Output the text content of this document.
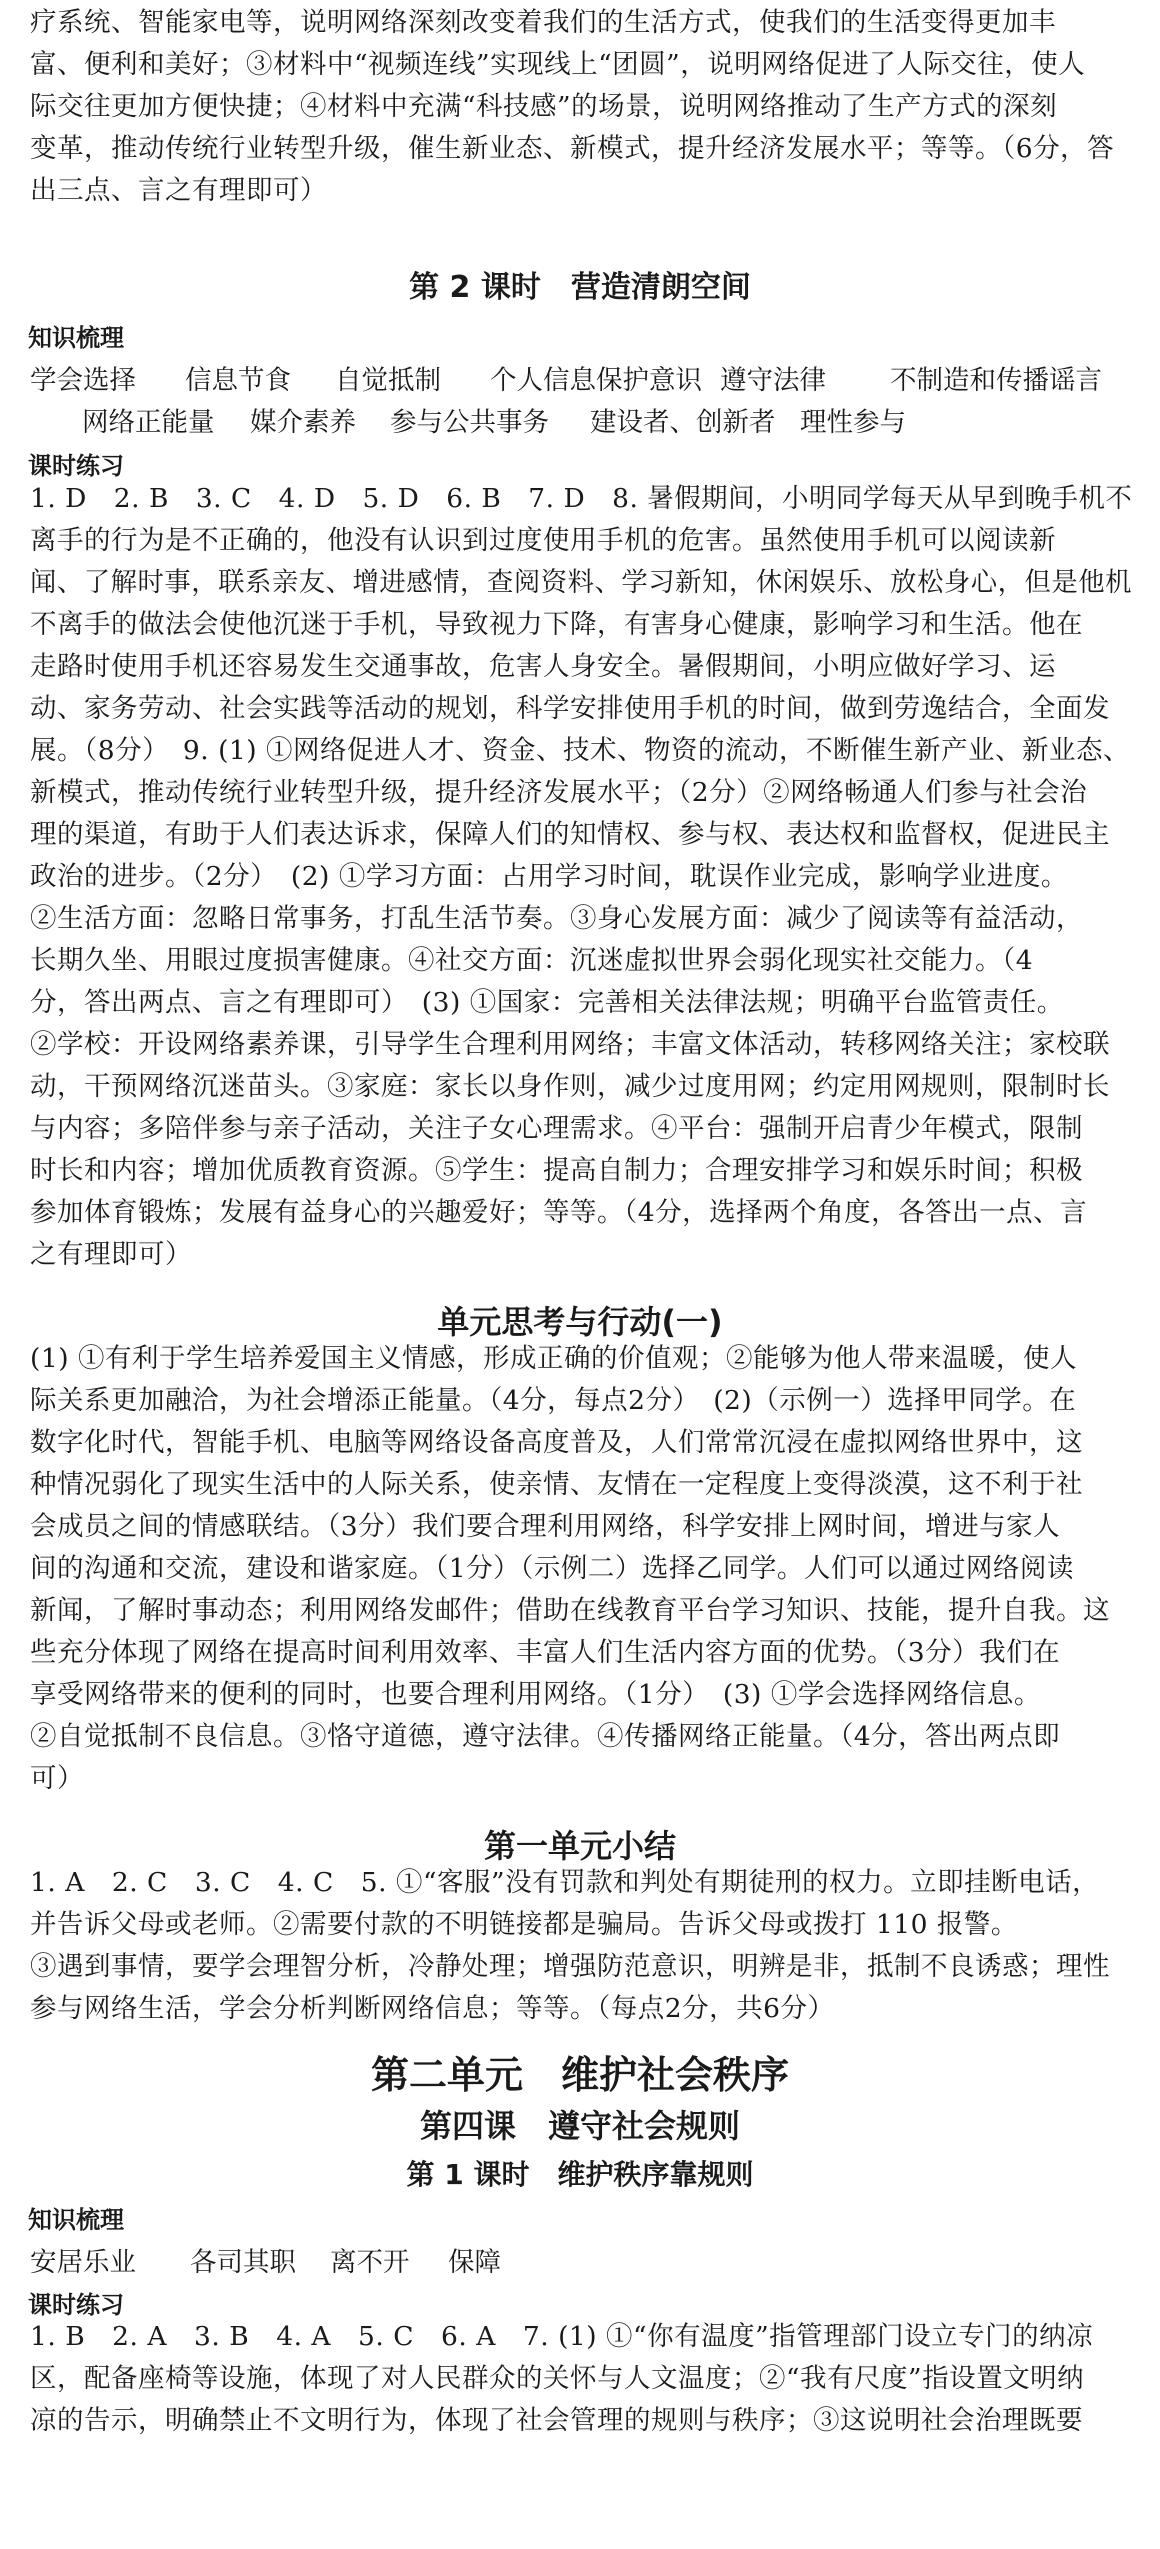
疗系统、智能家电等，说明网络深刻改变着我们的生活方式，使我们的生活变得更加丰
富、便利和美好；③材料中“视频连线”实现线上“团圆”，说明网络促进了人际交往，使人
际交往更加方便快捷；④材料中充满“科技感”的场景，说明网络推动了生产方式的深刻
变革，推动传统行业转型升级，催生新业态、新模式，提升经济发展水平；等等。（6分，答
出三点、言之有理即可）
第 2 课时　营造清朗空间
知识梳理
学会选择 信息节食 自觉抵制 个人信息保护意识 遵守法律 不制造和传播谣言
网络正能量 媒介素养 参与公共事务 建设者、创新者 理性参与
课时练习
1. D　2. B　3. C　4. D　5. D　6. B　7. D　8. 暑假期间，小明同学每天从早到晚手机不
离手的行为是不正确的，他没有认识到过度使用手机的危害。虽然使用手机可以阅读新
闻、了解时事，联系亲友、增进感情，查阅资料、学习新知，休闲娱乐、放松身心，但是他机
不离手的做法会使他沉迷于手机，导致视力下降，有害身心健康，影响学习和生活。他在
走路时使用手机还容易发生交通事故，危害人身安全。暑假期间，小明应做好学习、运
动、家务劳动、社会实践等活动的规划，科学安排使用手机的时间，做到劳逸结合，全面发
展。（8分）　9. (1) ①网络促进人才、资金、技术、物资的流动，不断催生新产业、新业态、
新模式，推动传统行业转型升级，提升经济发展水平；（2分）②网络畅通人们参与社会治
理的渠道，有助于人们表达诉求，保障人们的知情权、参与权、表达权和监督权，促进民主
政治的进步。（2分）　(2) ①学习方面：占用学习时间，耽误作业完成，影响学业进度。
②生活方面：忽略日常事务，打乱生活节奏。③身心发展方面：减少了阅读等有益活动，
长期久坐、用眼过度损害健康。④社交方面：沉迷虚拟世界会弱化现实社交能力。（4
分，答出两点、言之有理即可）　(3) ①国家：完善相关法律法规；明确平台监管责任。
②学校：开设网络素养课，引导学生合理利用网络；丰富文体活动，转移网络关注；家校联
动，干预网络沉迷苗头。③家庭：家长以身作则，减少过度用网；约定用网规则，限制时长
与内容；多陪伴参与亲子活动，关注子女心理需求。④平台：强制开启青少年模式，限制
时长和内容；增加优质教育资源。⑤学生：提高自制力；合理安排学习和娱乐时间；积极
参加体育锻炼；发展有益身心的兴趣爱好；等等。（4分，选择两个角度，各答出一点、言
之有理即可）
单元思考与行动(一)
(1) ①有利于学生培养爱国主义情感，形成正确的价值观；②能够为他人带来温暖，使人
际关系更加融洽，为社会增添正能量。（4分，每点2分）　(2)（示例一）选择甲同学。在
数字化时代，智能手机、电脑等网络设备高度普及，人们常常沉浸在虚拟网络世界中，这
种情况弱化了现实生活中的人际关系，使亲情、友情在一定程度上变得淡漠，这不利于社
会成员之间的情感联结。（3分）我们要合理利用网络，科学安排上网时间，增进与家人
间的沟通和交流，建设和谐家庭。（1分）（示例二）选择乙同学。人们可以通过网络阅读
新闻，了解时事动态；利用网络发邮件；借助在线教育平台学习知识、技能，提升自我。这
些充分体现了网络在提高时间利用效率、丰富人们生活内容方面的优势。（3分）我们在
享受网络带来的便利的同时，也要合理利用网络。（1分）　(3) ①学会选择网络信息。
②自觉抵制不良信息。③恪守道德，遵守法律。④传播网络正能量。（4分，答出两点即
可）
第一单元小结
1. A　2. C　3. C　4. C　5. ①“客服”没有罚款和判处有期徒刑的权力。立即挂断电话，
并告诉父母或老师。②需要付款的不明链接都是骗局。告诉父母或拨打 110 报警。
③遇到事情，要学会理智分析，冷静处理；增强防范意识，明辨是非，抵制不良诱惑；理性
参与网络生活，学会分析判断网络信息；等等。（每点2分，共6分）
第二单元　维护社会秩序
第四课　遵守社会规则
第 1 课时　维护秩序靠规则
知识梳理
安居乐业 各司其职 离不开 保障
课时练习
1. B　2. A　3. B　4. A　5. C　6. A　7. (1) ①“你有温度”指管理部门设立专门的纳凉
区，配备座椅等设施，体现了对人民群众的关怀与人文温度；②“我有尺度”指设置文明纳
凉的告示，明确禁止不文明行为，体现了社会管理的规则与秩序；③这说明社会治理既要
